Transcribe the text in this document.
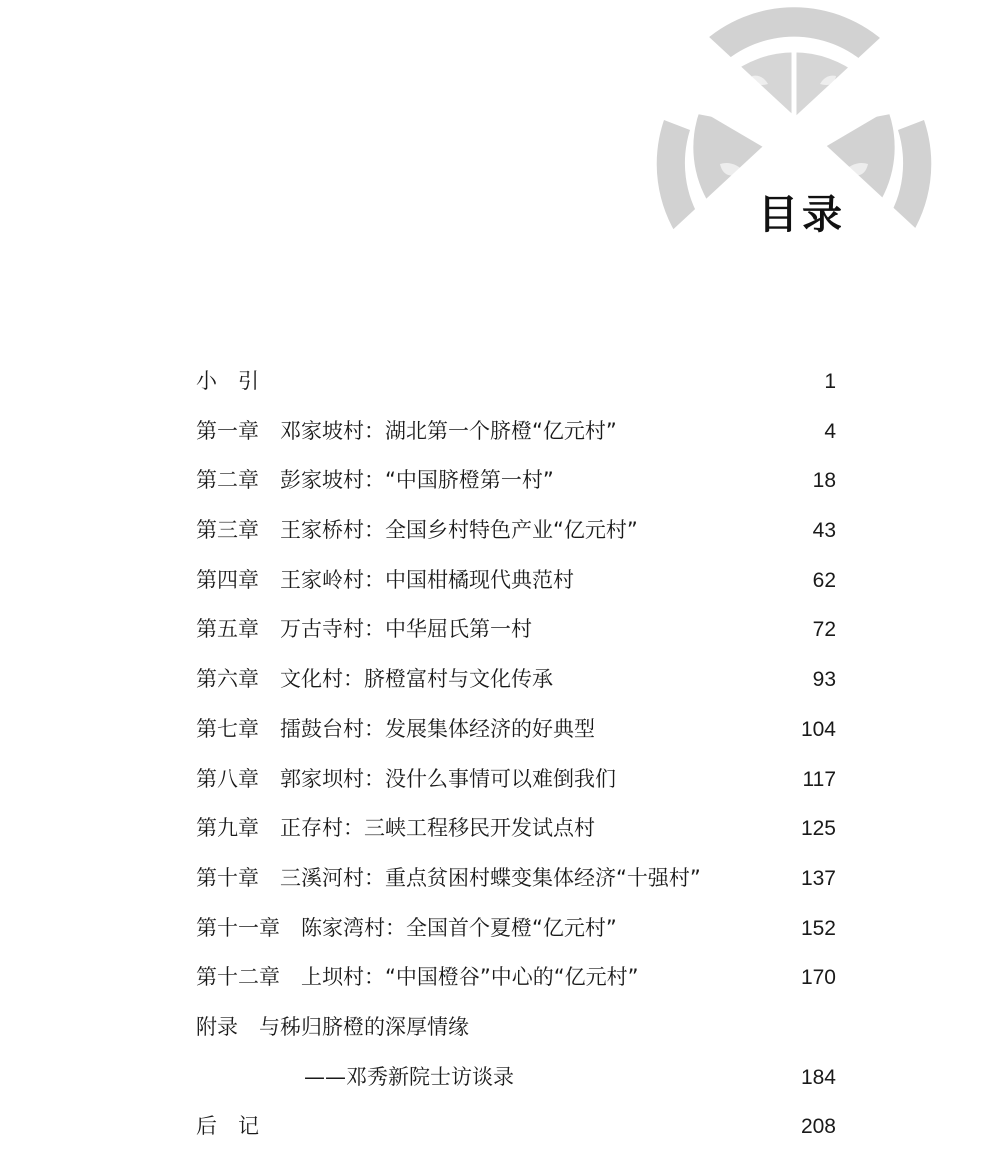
目录
小　引	1
第一章　邓家坡村：湖北第一个脐橙“亿元村”	4
第二章　彭家坡村：“中国脐橙第一村”	18
第三章　王家桥村：全国乡村特色产业“亿元村”	43
第四章　王家岭村：中国柑橘现代典范村	62
第五章　万古寺村：中华屈氏第一村	72
第六章　文化村：脐橙富村与文化传承	93
第七章　擂鼓台村：发展集体经济的好典型	104
第八章　郭家坝村：没什么事情可以难倒我们	117
第九章　正存村：三峡工程移民开发试点村	125
第十章　三溪河村：重点贫困村蝶变集体经济“十强村”	137
第十一章　陈家湾村：全国首个夏橙“亿元村”	152
第十二章　上坝村：“中国橙谷”中心的“亿元村”	170
附录　与秭归脐橙的深厚情缘
——邓秀新院士访谈录	184
后　记	208
